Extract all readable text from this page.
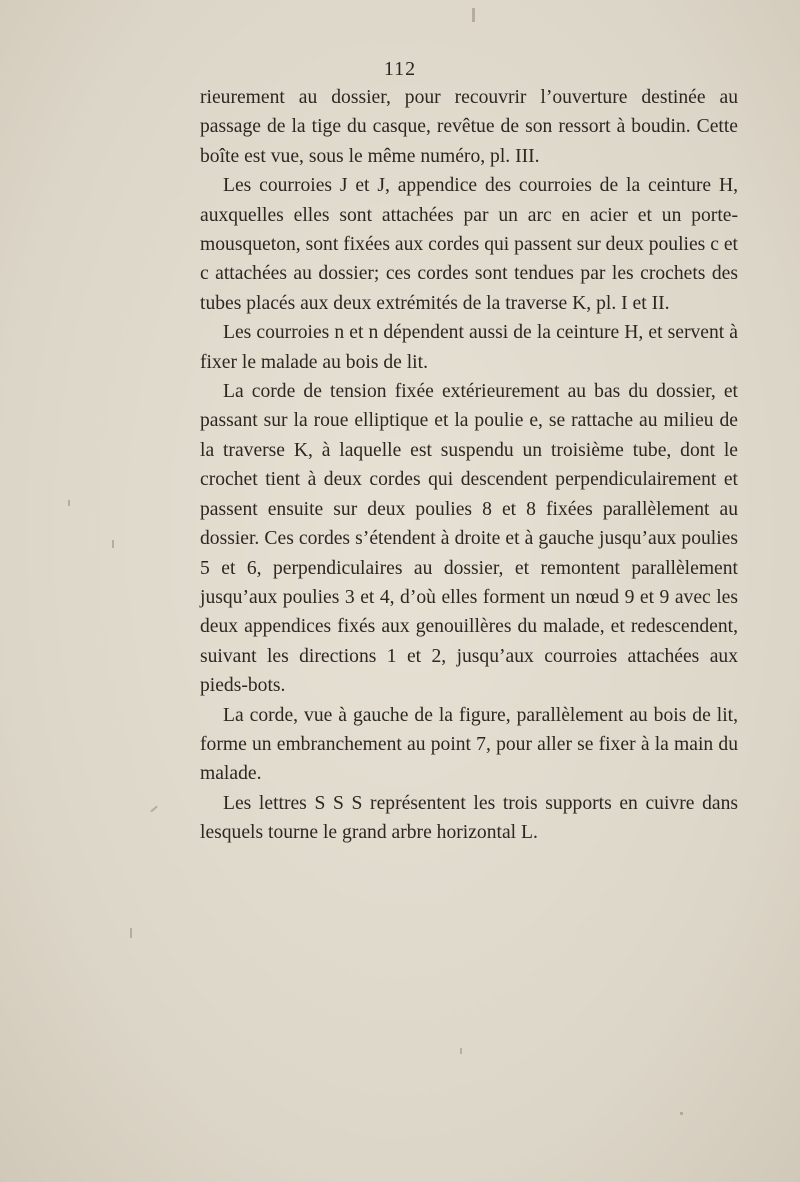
112

rieurement au dossier, pour recouvrir l’ouverture destinée au passage de la tige du casque, revêtue de son ressort à boudin. Cette boîte est vue, sous le même numéro, pl. III.

Les courroies J et J, appendice des courroies de la ceinture H, auxquelles elles sont attachées par un arc en acier et un porte-mousqueton, sont fixées aux cordes qui passent sur deux poulies c et c attachées au dossier; ces cordes sont tendues par les crochets des tubes placés aux deux extrémités de la traverse K, pl. I et II.

Les courroies n et n dépendent aussi de la ceinture H, et servent à fixer le malade au bois de lit.

La corde de tension fixée extérieurement au bas du dossier, et passant sur la roue elliptique et la poulie e, se rattache au milieu de la traverse K, à laquelle est suspendu un troisième tube, dont le crochet tient à deux cordes qui descendent perpendiculairement et passent ensuite sur deux poulies 8 et 8 fixées parallèlement au dossier. Ces cordes s’étendent à droite et à gauche jusqu’aux poulies 5 et 6, perpendiculaires au dossier, et remontent parallèlement jusqu’aux poulies 3 et 4, d’où elles forment un nœud 9 et 9 avec les deux appendices fixés aux genouillères du malade, et redescendent, suivant les directions 1 et 2, jusqu’aux courroies attachées aux pieds-bots.

La corde, vue à gauche de la figure, parallèlement au bois de lit, forme un embranchement au point 7, pour aller se fixer à la main du malade.

Les lettres S S S représentent les trois supports en cuivre dans lesquels tourne le grand arbre horizontal L.
